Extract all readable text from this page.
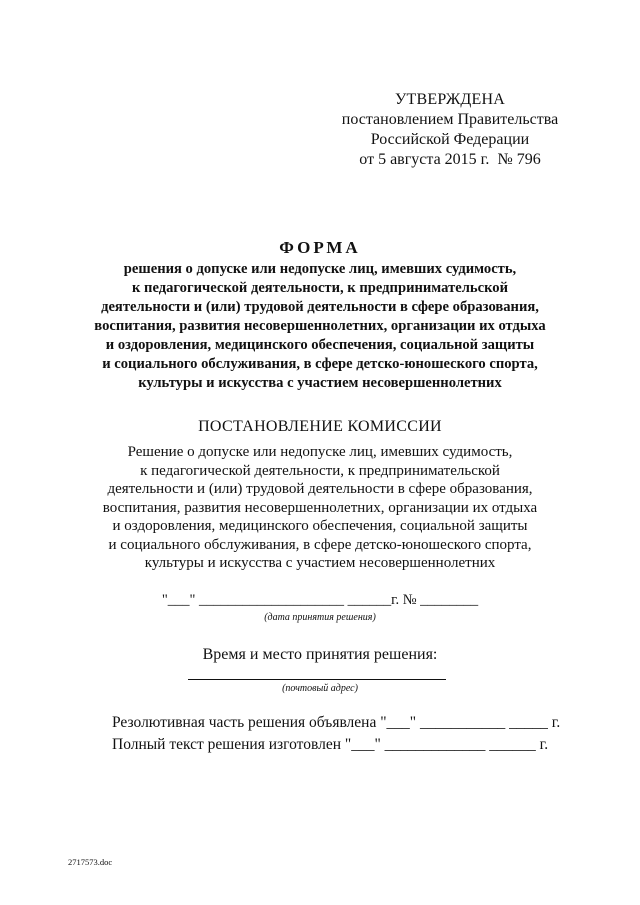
УТВЕРЖДЕНА
постановлением Правительства
Российской Федерации
от 5 августа 2015 г. № 796
ФОРМА
решения о допуске или недопуске лиц, имевших судимость,
к педагогической деятельности, к предпринимательской
деятельности и (или) трудовой деятельности в сфере образования,
воспитания, развития несовершеннолетних, организации их отдыха
и оздоровления, медицинского обеспечения, социальной защиты
и социального обслуживания, в сфере детско-юношеского спорта,
культуры и искусства с участием несовершеннолетних
ПОСТАНОВЛЕНИЕ КОМИССИИ
Решение о допуске или недопуске лиц, имевших судимость,
к педагогической деятельности, к предпринимательской
деятельности и (или) трудовой деятельности в сфере образования,
воспитания, развития несовершеннолетних, организации их отдыха
и оздоровления, медицинского обеспечения, социальной защиты
и социального обслуживания, в сфере детско-юношеского спорта,
культуры и искусства с участием несовершеннолетних
"___" ____________________ ______г. № ________
(дата принятия решения)
Время и место принятия решения:
(почтовый адрес)
Резолютивная часть решения объявлена "___" ___________ _____ г.
Полный текст решения изготовлен "___" _____________ ______ г.
2717573.doc
